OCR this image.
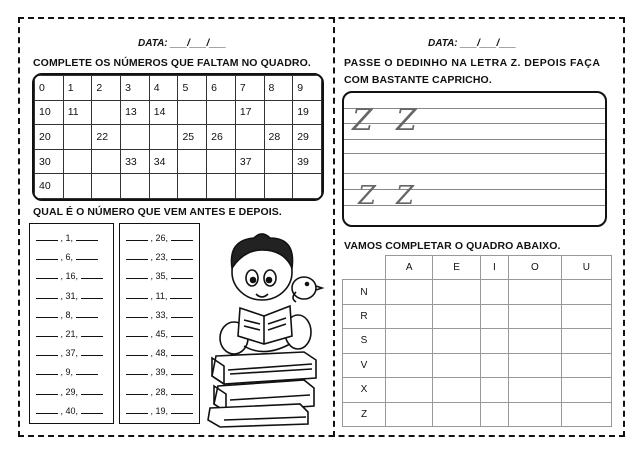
DATA: ___/___/___
COMPLETE OS NÚMEROS QUE FALTAM NO QUADRO.
0	1	2	3	4	5	6	7	8	9
10	11		13	14			17		19
20		22			25	26		28	29
30			33	34			37		39
40									
QUAL É O NÚMERO QUE VEM ANTES E DEPOIS.
, 1,
, 6,
, 16,
, 31,
, 8,
, 21,
, 37,
, 9,
, 29,
, 40,
, 26,
, 23,
, 35,
, 11,
, 33,
, 45,
, 48,
, 39,
, 28,
, 19,
DATA: ___/___/___
PASSE O DEDINHO NA LETRA Z. DEPOIS FAÇA
COM BASTANTE CAPRICHO.
Z Z
Z Z
VAMOS COMPLETAR O QUADRO ABAIXO.
	A	E	I	O	U
N					
R					
S					
V					
X					
Z					
